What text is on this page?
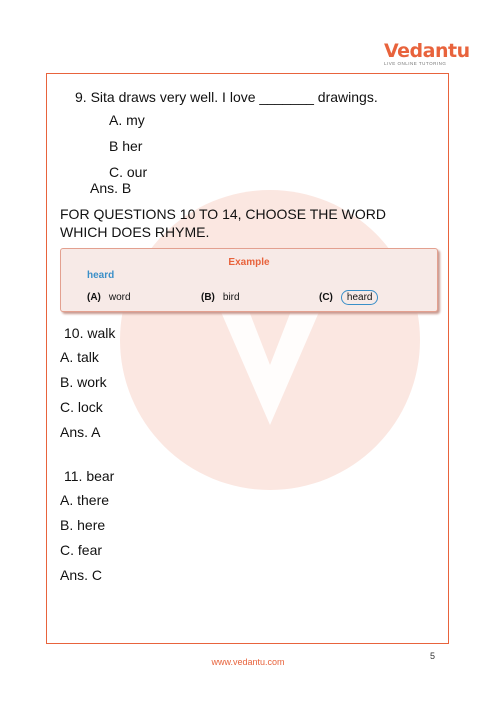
Vedantu
LIVE ONLINE TUTORING
9. Sita draws very well. I love _______ drawings.
A. my
B her
C. our
Ans. B
FOR QUESTIONS 10 TO 14, CHOOSE THE WORD
WHICH DOES RHYME.
Example
heard
(A) word	(B) bird	(C) heard
10. walk
A. talk
B. work
C. lock
Ans. A
11. bear
A. there
B. here
C. fear
Ans. C
5
www.vedantu.com
